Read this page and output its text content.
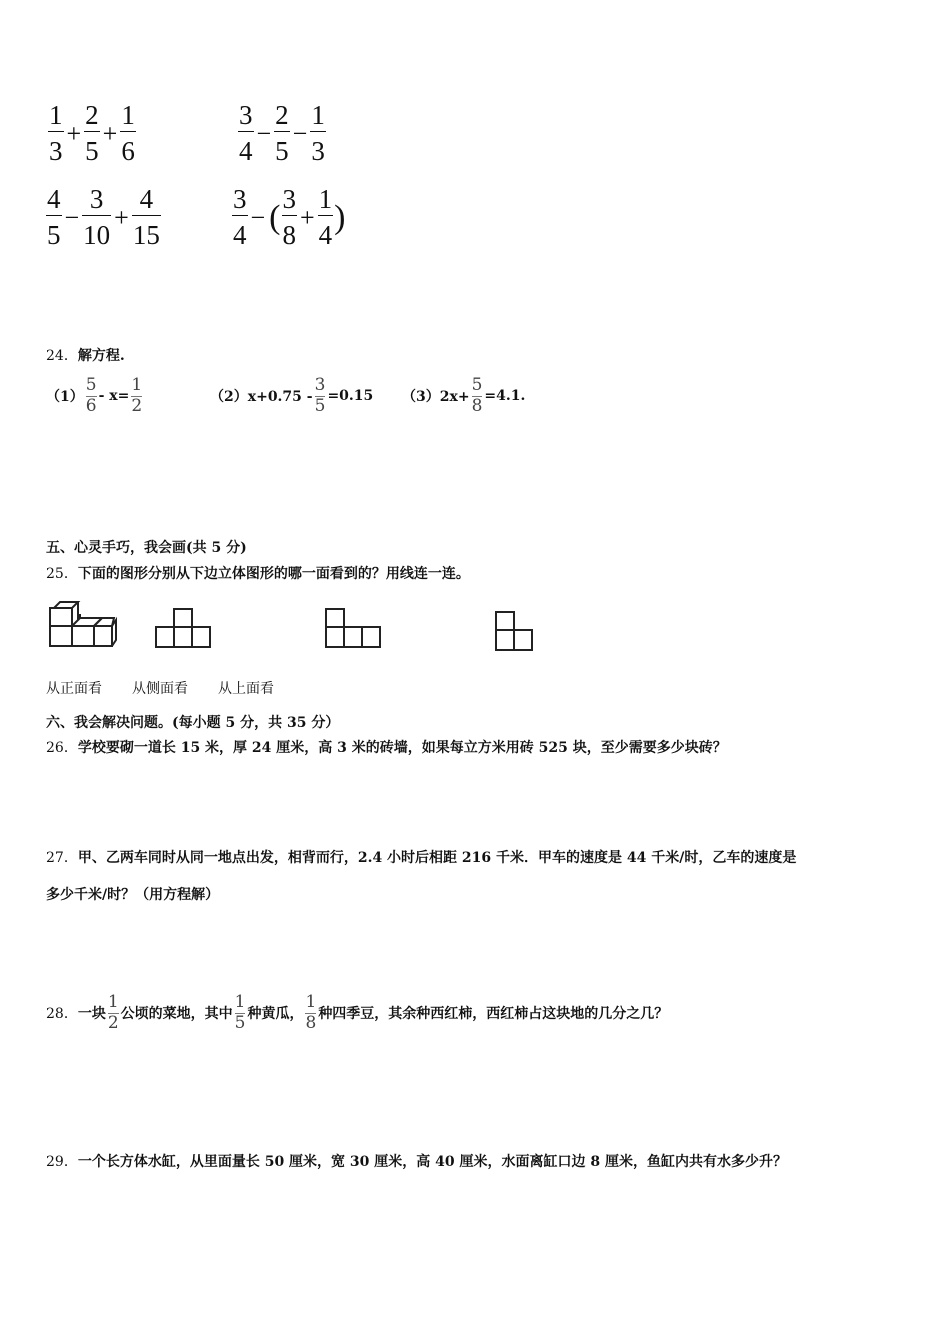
1
3
+
2
5
+
1
6
3
4
−
2
5
−
1
3
4
5
−
3
10
+
4
15
3
4
− ( 3
8
+
1
4 )
24．解方程.
（1）
5
6 - x=
1
2	（2）x+0.75 -
3
5 =0.15 （3）2x+
5
8 =4.1.
五、心灵手巧，我会画(共 5 分)
25．下面的图形分别从下边立体图形的哪一面看到的？用线连一连。
从正面看 从侧面看 从上面看
六、我会解决问题。(每小题 5 分，共 35 分）
26．学校要砌一道长 15 米，厚 24 厘米，高 3 米的砖墙，如果每立方米用砖 525 块，至少需要多少块砖？
27．甲、乙两车同时从同一地点出发，相背而行，2.4 小时后相距 216 千米．甲车的速度是 44 千米/时，乙车的速度是
多少千米/时？（用方程解）
28． 一块
1
2 公顷的菜地，其中
1
5 种黄瓜，
1
8 种四季豆，其余种西红柿，西红柿占这块地的几分之几？
29．一个长方体水缸，从里面量长 50 厘米，宽 30 厘米，高 40 厘米，水面离缸口边 8 厘米，鱼缸内共有水多少升？
